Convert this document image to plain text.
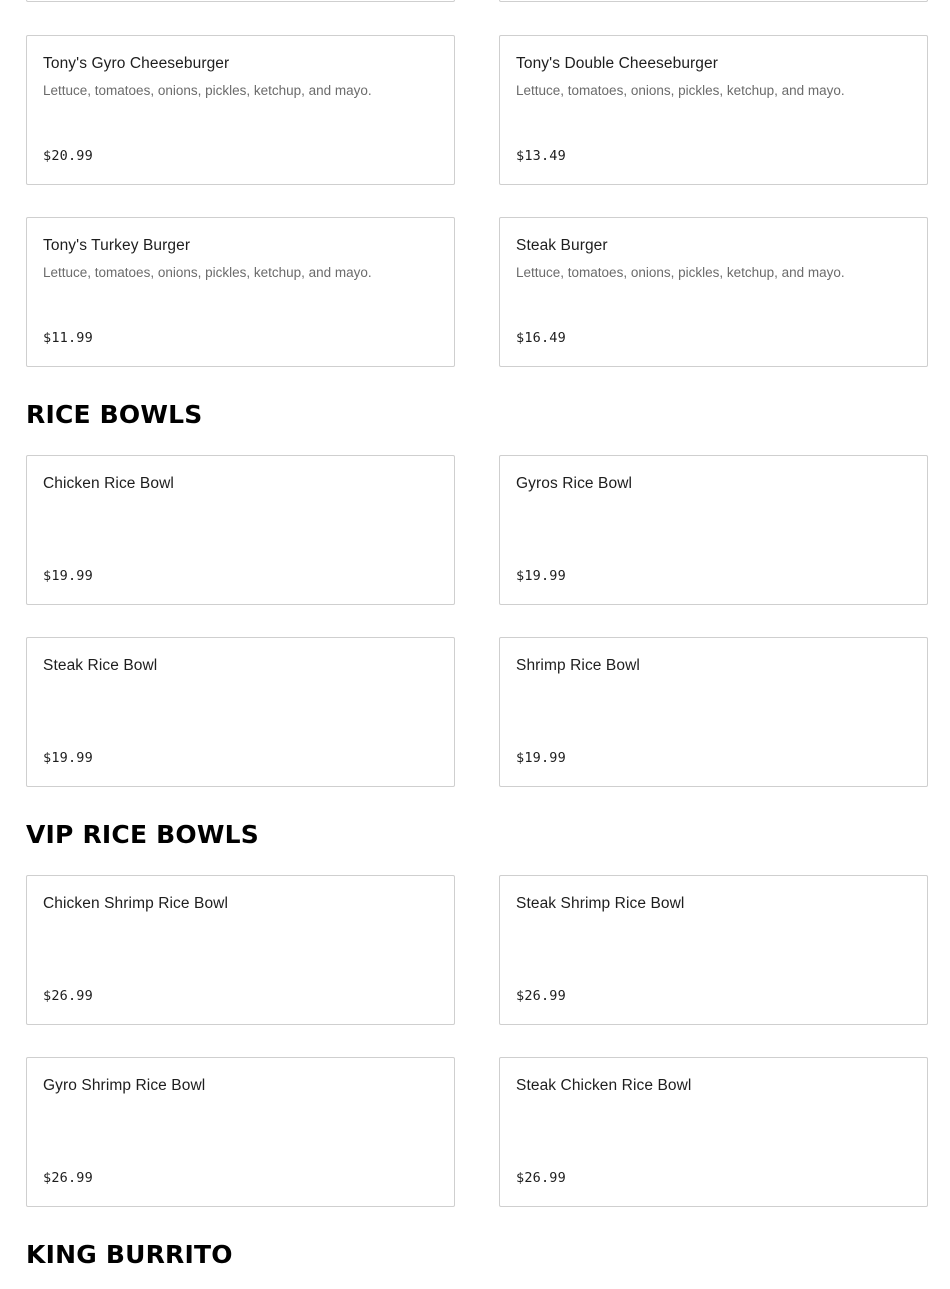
Tony's Gyro Cheeseburger
Lettuce, tomatoes, onions, pickles, ketchup, and mayo.
$20.99
Tony's Double Cheeseburger
Lettuce, tomatoes, onions, pickles, ketchup, and mayo.
$13.49
Tony's Turkey Burger
Lettuce, tomatoes, onions, pickles, ketchup, and mayo.
$11.99
Steak Burger
Lettuce, tomatoes, onions, pickles, ketchup, and mayo.
$16.49
RICE BOWLS
Chicken Rice Bowl
$19.99
Gyros Rice Bowl
$19.99
Steak Rice Bowl
$19.99
Shrimp Rice Bowl
$19.99
VIP RICE BOWLS
Chicken Shrimp Rice Bowl
$26.99
Steak Shrimp Rice Bowl
$26.99
Gyro Shrimp Rice Bowl
$26.99
Steak Chicken Rice Bowl
$26.99
KING BURRITO
